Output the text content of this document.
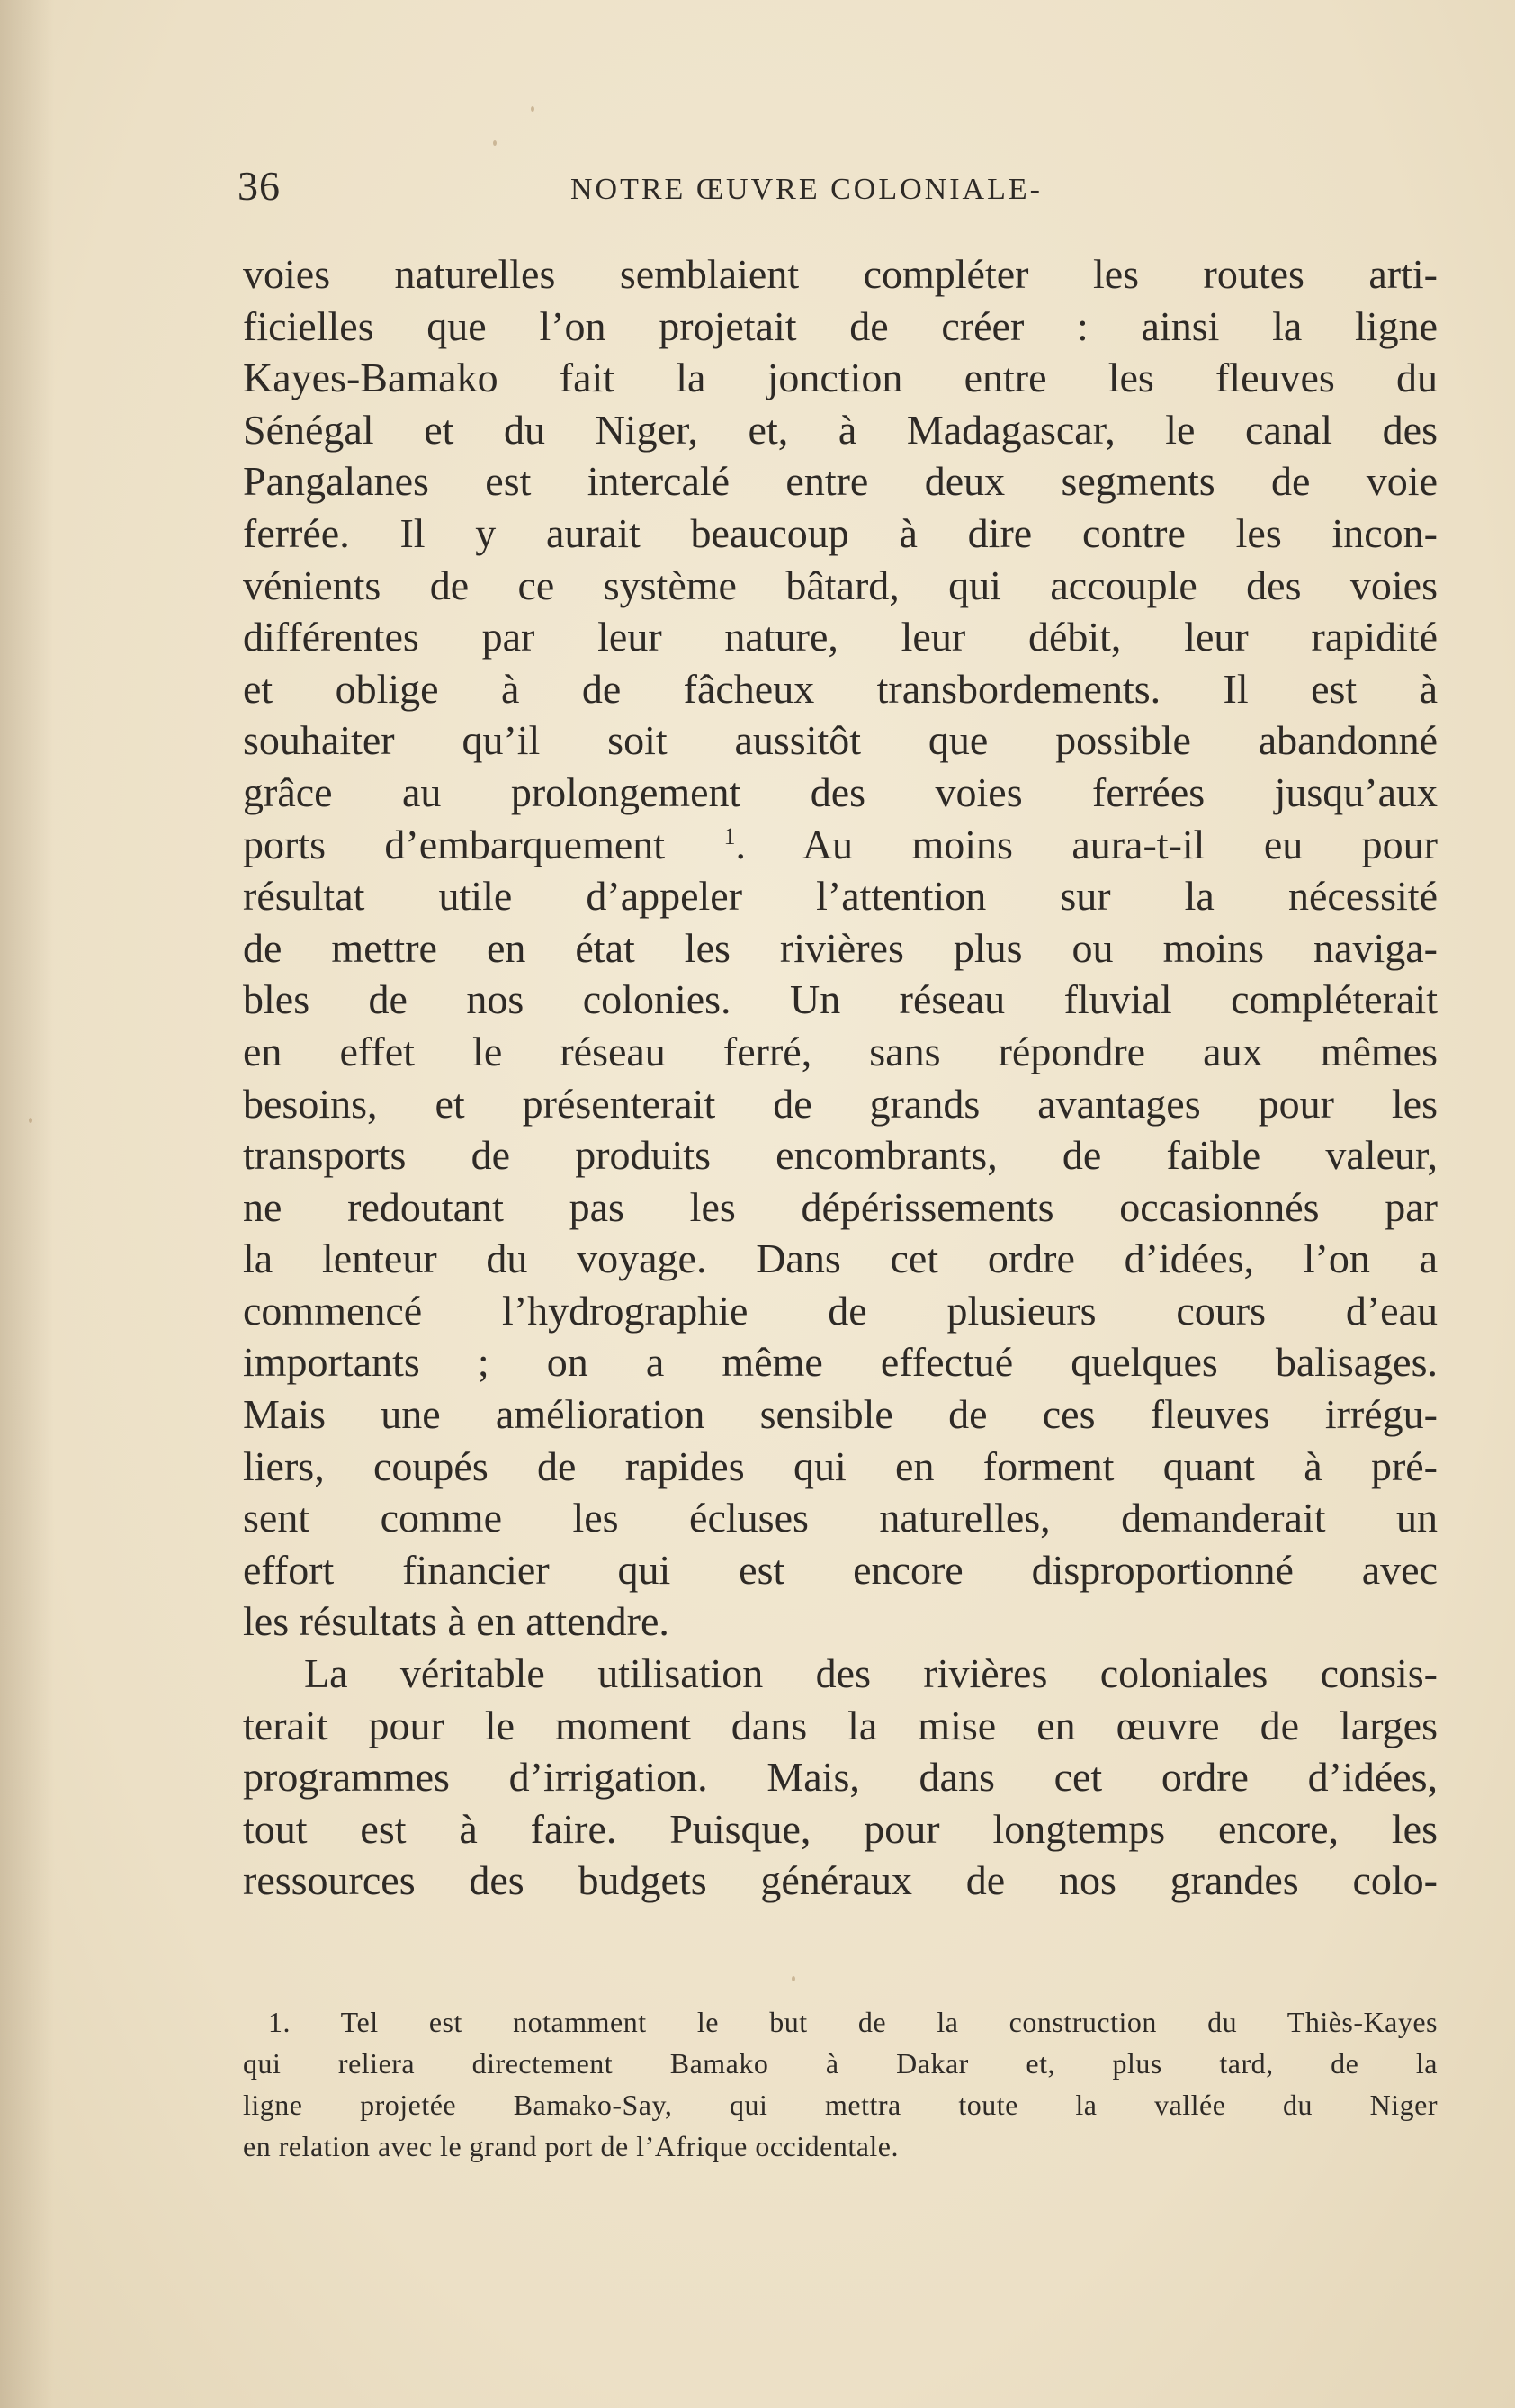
36	NOTRE ŒUVRE COLONIALE-
voies naturelles semblaient compléter les routes arti-
ficielles que l’on projetait de créer : ainsi la ligne
Kayes-Bamako fait la jonction entre les fleuves du
Sénégal et du Niger, et, à Madagascar, le canal des
Pangalanes est intercalé entre deux segments de voie
ferrée. Il y aurait beaucoup à dire contre les incon-
vénients de ce système bâtard, qui accouple des voies
différentes par leur nature, leur débit, leur rapidité
et oblige à de fâcheux transbordements. Il est à
souhaiter qu’il soit aussitôt que possible abandonné
grâce au prolongement des voies ferrées jusqu’aux
ports d’embarquement	$^1$. Au moins aura-t-il eu pour
résultat utile d’appeler l’attention sur la nécessité
de mettre en état les rivières plus ou moins naviga-
bles de nos colonies. Un réseau fluvial compléterait
en effet le réseau ferré, sans répondre aux mêmes
besoins, et présenterait de grands avantages pour les
transports de produits encombrants, de faible valeur,
ne redoutant pas les dépérissements occasionnés par
la lenteur du voyage. Dans cet ordre d’idées, l’on a
commencé l’hydrographie de plusieurs cours d’eau
importants ; on a même effectué quelques balisages.
Mais une amélioration sensible de ces fleuves irrégu-
liers, coupés de rapides qui en forment quant à pré-
sent comme les écluses naturelles, demanderait un
effort financier qui est encore disproportionné avec
les résultats à en attendre.
La véritable utilisation des rivières coloniales consis-
terait pour le moment dans la mise en œuvre de larges
programmes d’irrigation. Mais, dans cet ordre d’idées,
tout est à faire. Puisque, pour longtemps encore, les
ressources des budgets généraux de nos grandes colo-
1. Tel est notamment le but de la construction du Thiès-Kayes
qui reliera directement Bamako à Dakar et, plus tard, de la
ligne projetée Bamako-Say, qui mettra toute la vallée du Niger
en relation avec le grand port de l’Afrique occidentale.
